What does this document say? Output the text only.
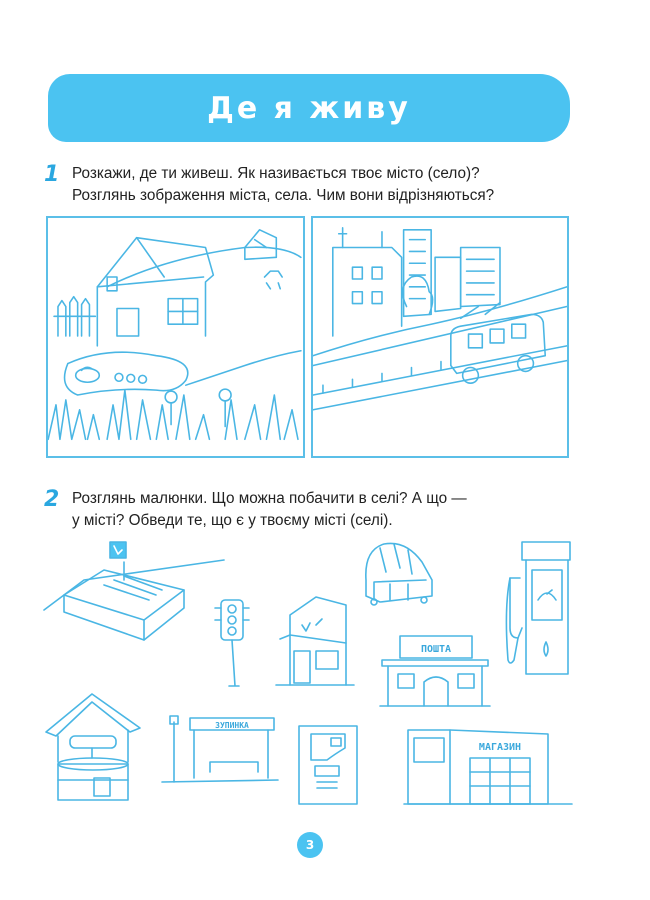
Де я живу
1 Розкажи, де ти живеш. Як називається твоє місто (село)?
Розглянь зображення міста, села. Чим вони відрізняються?
2 Розглянь малюнки. Що можна побачити в селі? А що —
у місті? Обведи те, що є у твоєму місті (селі).
ПОШТА
ЗУПИНКА
МАГАЗИН
3
